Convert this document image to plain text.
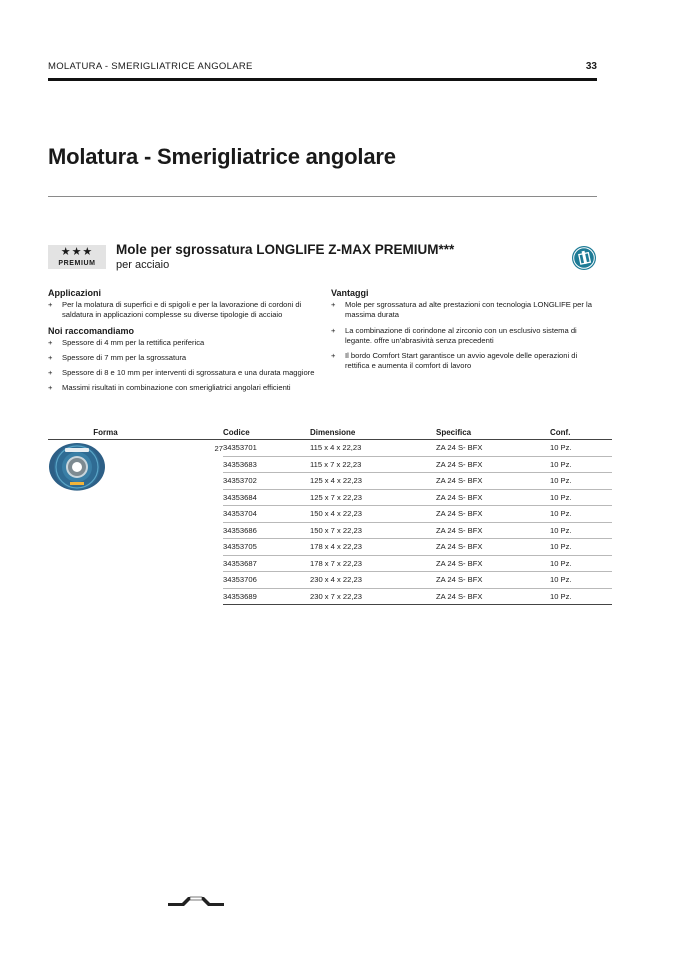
MOLATURA - SMERIGLIATRICE ANGOLARE	33
Molatura - Smerigliatrice angolare
★★★
PREMIUM
Mole per sgrossatura LONGLIFE Z-MAX PREMIUM***
per acciaio
Applicazioni
+ Per la molatura di superfici e di spigoli e per la lavorazione di cordoni di saldatura in applicazioni complesse su diverse tipologie di acciaio
Noi raccomandiamo
+ Spessore di 4 mm per la rettifica periferica
+ Spessore di 7 mm per la sgrossatura
+ Spessore di 8 e 10 mm per interventi di sgrossatura e una durata maggiore
+ Massimi risultati in combinazione con smerigliatrici angolari efficienti
Vantaggi
+ Mole per sgrossatura ad alte prestazioni con tecnologia LONGLIFE per la massima durata
+ La combinazione di corindone al zirconio con un esclusivo sistema di legante. offre un'abrasività senza precedenti
+ Il bordo Comfort Start garantisce un avvio agevole delle operazioni di rettifica e aumenta il comfort di lavoro
Forma		Codice	Dimensione	Specifica	Conf.

	27	34353701	115 x 4 x 22,23	ZA 24 S- BFX	10 Pz.
		34353683	115 x 7 x 22,23	ZA 24 S- BFX	10 Pz.
		34353702	125 x 4 x 22,23	ZA 24 S- BFX	10 Pz.
		34353684	125 x 7 x 22,23	ZA 24 S- BFX	10 Pz.
		34353704	150 x 4 x 22,23	ZA 24 S- BFX	10 Pz.
		34353686	150 x 7 x 22,23	ZA 24 S- BFX	10 Pz.
		34353705	178 x 4 x 22,23	ZA 24 S- BFX	10 Pz.
		34353687	178 x 7 x 22,23	ZA 24 S- BFX	10 Pz.
		34353706	230 x 4 x 22,23	ZA 24 S- BFX	10 Pz.
		34353689	230 x 7 x 22,23	ZA 24 S- BFX	10 Pz.
